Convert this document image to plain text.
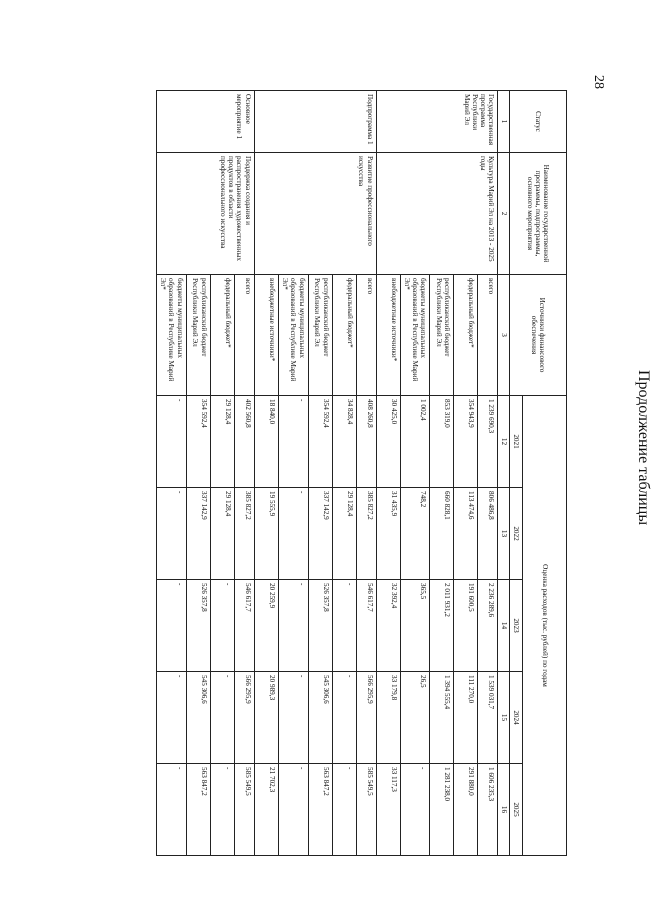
28
Продолжение таблицы
Статус	Наименование государственной программы, подпрограммы, основного мероприятия	Источники финансового обеспечения	Оценка расходов (тыс. рублей) по годам				
			2021	2022	2023	2024	2025
1	2	3	12	13	14	15	16
Государственная программа Республики Марий Эл	Культура Марий Эл на 2013 - 2025 годы	всего	1 239 690,3	806 486,8	2 236 289,6	1 539 031,7	1 606 235,3
		федеральный бюджет*	354 943,9	113 474,6	191 600,5	111 270,0	291 880,0
		республиканский бюджет Республики Марий Эл	853 319,0	660 828,1	2 011 931,2	1 394 555,4	1 281 238,0
		бюджеты муниципальных образований в Республике Марий Эл*	1 002,4	748,2	365,5	26,5	-
		внебюджетные источники*	30 425,0	31 435,9	32 392,4	33 179,8	33 117,3
Подпрограмма 1	Развитие профессионального искусства	всего	408 260,8	385 827,2	546 617,7	566 295,9	585 549,5
		федеральный бюджет*	34 828,4	29 128,4	-	-	-
		республиканский бюджет Республики Марий Эл	354 592,4	337 142,9	526 357,8	545 306,6	563 847,2
		бюджеты муниципальных образований в Республике Марий Эл*	-	-	-	-	-
		внебюджетные источники*	18 840,0	19 555,9	20 259,9	20 989,3	21 702,3
Основное мероприятие 1	Поддержка создания и распространения художественных продуктов в области профессионального искусства	всего	402 560,8	385 827,2	546 617,7	566 295,9	585 549,5
		федеральный бюджет*	29 128,4	29 128,4	-	-	-
		республиканский бюджет Республики Марий Эл	354 592,4	337 142,9	526 357,8	545 306,6	563 847,2
		бюджеты муниципальных образований в Республике Марий Эл*	-	-	-	-	-
